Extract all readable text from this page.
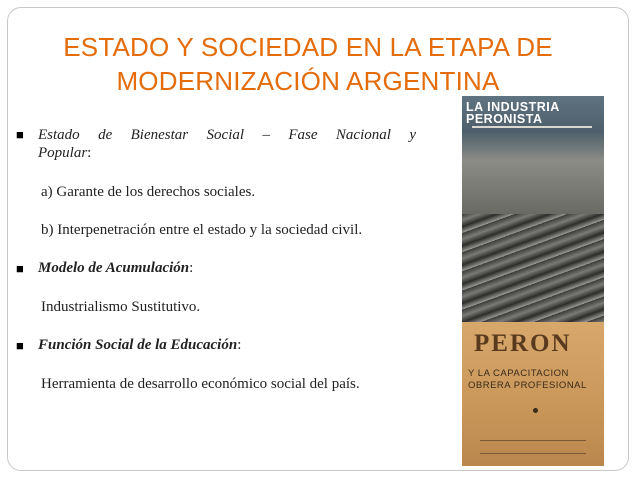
ESTADO Y SOCIEDAD EN LA ETAPA DE
MODERNIZACIÓN ARGENTINA
■ Estado de Bienestar Social – Fase Nacional y
Popular:
a) Garante de los derechos sociales.
b) Interpenetración entre el estado y la sociedad civil.
■ Modelo de Acumulación:
Industrialismo Sustitutivo.
■ Función Social de la Educación:
Herramienta de desarrollo económico social del país.
LA INDUSTRIA
PERONISTA
PERON
Y LA CAPACITACION
OBRERA PROFESIONAL
